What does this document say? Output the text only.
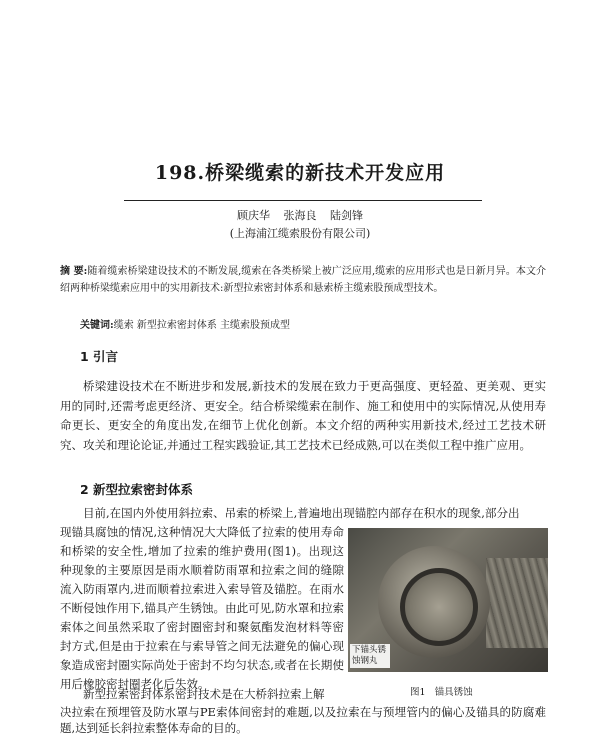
198.桥梁缆索的新技术开发应用
顾庆华 张海良 陆剑锋
(上海浦江缆索股份有限公司)
摘 要:随着缆索桥梁建设技术的不断发展,缆索在各类桥梁上被广泛应用,缆索的应用形式也是日新月异。本文介绍两种桥梁缆索应用中的实用新技术:新型拉索密封体系和悬索桥主缆索股预成型技术。
关键词:缆索 新型拉索密封体系 主缆索股预成型
1 引言
桥梁建设技术在不断进步和发展,新技术的发展在致力于更高强度、更轻盈、更美观、更实用的同时,还需考虑更经济、更安全。结合桥梁缆索在制作、施工和使用中的实际情况,从使用寿命更长、更安全的角度出发,在细节上优化创新。本文介绍的两种实用新技术,经过工艺技术研究、攻关和理论论证,并通过工程实践验证,其工艺技术已经成熟,可以在类似工程中推广应用。
2 新型拉索密封体系
目前,在国内外使用斜拉索、吊索的桥梁上,普遍地出现锚腔内部存在积水的现象,部分出
现锚具腐蚀的情况,这种情况大大降低了拉索的使用寿命和桥梁的安全性,增加了拉索的维护费用(图1)。出现这种现象的主要原因是雨水顺着防雨罩和拉索之间的缝隙流入防雨罩内,进而顺着拉索进入索导管及锚腔。在雨水不断侵蚀作用下,锚具产生锈蚀。由此可见,防水罩和拉索索体之间虽然采取了密封圈密封和聚氨酯发泡材料等密封方式,但是由于拉索在与索导管之间无法避免的偏心现象造成密封圈实际尚处于密封不均匀状态,或者在长期使用后橡胶密封圈老化后失效。
下锚头锈蚀钢丸
图1 锚具锈蚀
新型拉索密封体系密封技术是在大桥斜拉索上解
决拉索在预埋管及防水罩与PE索体间密封的难题,以及拉索在与预埋管内的偏心及锚具的防腐难题,达到延长斜拉索整体寿命的目的。
